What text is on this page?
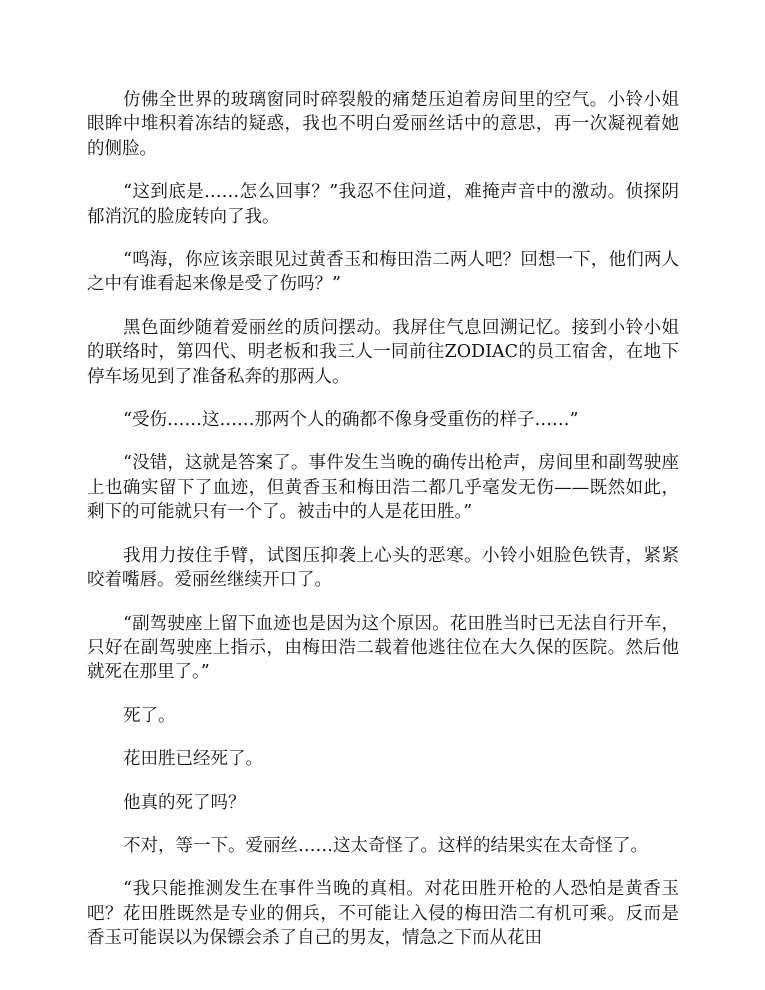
仿佛全世界的玻璃窗同时碎裂般的痛楚压迫着房间里的空气。小铃小姐眼眸中堆积着冻结的疑惑，我也不明白爱丽丝话中的意思，再一次凝视着她的侧脸。

“这到底是……怎么回事？”我忍不住问道，难掩声音中的激动。侦探阴郁消沉的脸庞转向了我。

“鸣海，你应该亲眼见过黄香玉和梅田浩二两人吧？回想一下，他们两人之中有谁看起来像是受了伤吗？”

黑色面纱随着爱丽丝的质问摆动。我屏住气息回溯记忆。接到小铃小姐的联络时，第四代、明老板和我三人一同前往ZODIAC的员工宿舍，在地下停车场见到了准备私奔的那两人。

“受伤……这……那两个人的确都不像身受重伤的样子……”

“没错，这就是答案了。事件发生当晚的确传出枪声，房间里和副驾驶座上也确实留下了血迹，但黄香玉和梅田浩二都几乎毫发无伤——既然如此，剩下的可能就只有一个了。被击中的人是花田胜。”

我用力按住手臂，试图压抑袭上心头的恶寒。小铃小姐脸色铁青，紧紧咬着嘴唇。爱丽丝继续开口了。

“副驾驶座上留下血迹也是因为这个原因。花田胜当时已无法自行开车，只好在副驾驶座上指示，由梅田浩二载着他逃往位在大久保的医院。然后他就死在那里了。”

死了。

花田胜已经死了。

他真的死了吗？

不对，等一下。爱丽丝……这太奇怪了。这样的结果实在太奇怪了。

“我只能推测发生在事件当晚的真相。对花田胜开枪的人恐怕是黄香玉吧？花田胜既然是专业的佣兵，不可能让入侵的梅田浩二有机可乘。反而是香玉可能误以为保镖会杀了自己的男友，情急之下而从花田
